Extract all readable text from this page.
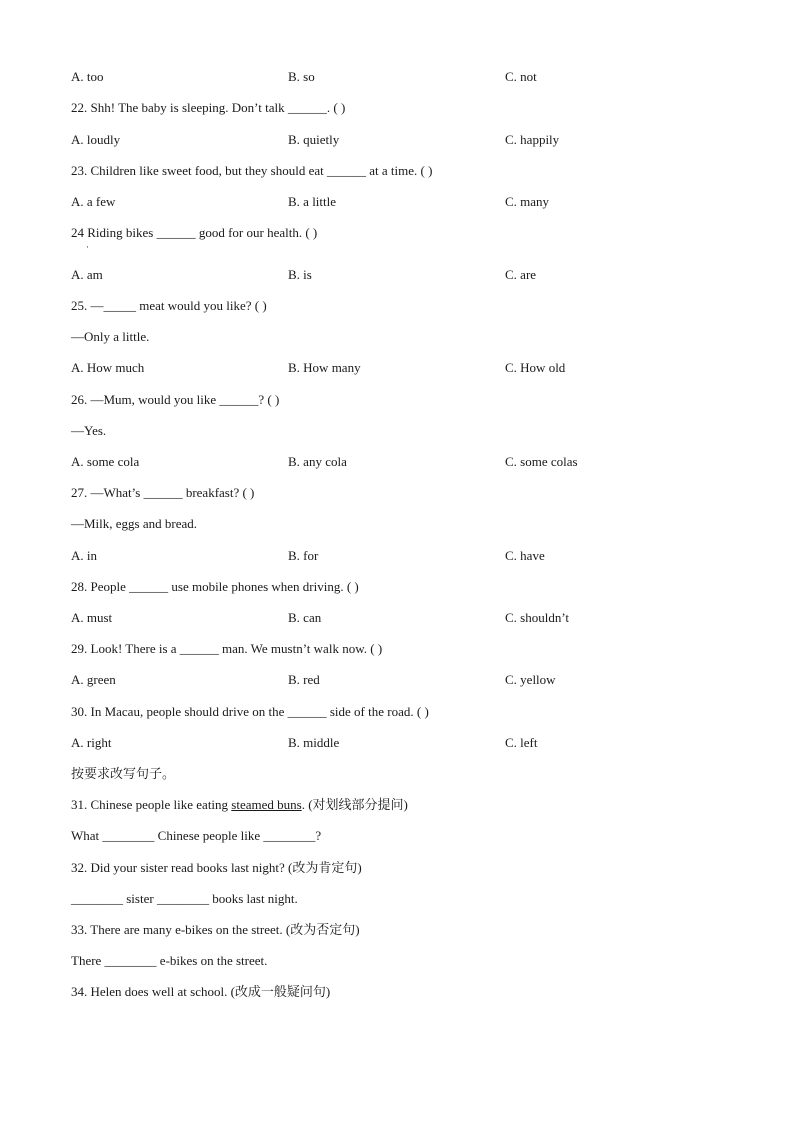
A. too	B. so	C. not
22. Shh! The baby is sleeping. Don’t talk ______. ( )
A. loudly	B. quietly	C. happily
23. Children like sweet food, but they should eat ______ at a time. ( )
A. a few	B. a little	C. many
24 Riding bikes ______ good for our health. ( )
·
A. am	B. is	C. are
25. —_____ meat would you like? ( )
—Only a little.
A. How much	B. How many	C. How old
26. —Mum, would you like ______? ( )
—Yes.
A. some cola	B. any cola	C. some colas
27. —What’s ______ breakfast? ( )
—Milk, eggs and bread.
A. in	B. for	C. have
28. People ______ use mobile phones when driving. ( )
A. must	B. can	C. shouldn’t
29. Look! There is a ______ man. We mustn’t walk now. ( )
A. green	B. red	C. yellow
30. In Macau, people should drive on the ______ side of the road. ( )
A. right	B. middle	C. left
按要求改写句子。
31. Chinese people like eating steamed buns. (对划线部分提问)
What ________ Chinese people like ________?
32. Did your sister read books last night? (改为肯定句)
________ sister ________ books last night.
33. There are many e-bikes on the street. (改为否定句)
There ________ e-bikes on the street.
34. Helen does well at school. (改成一般疑问句)
